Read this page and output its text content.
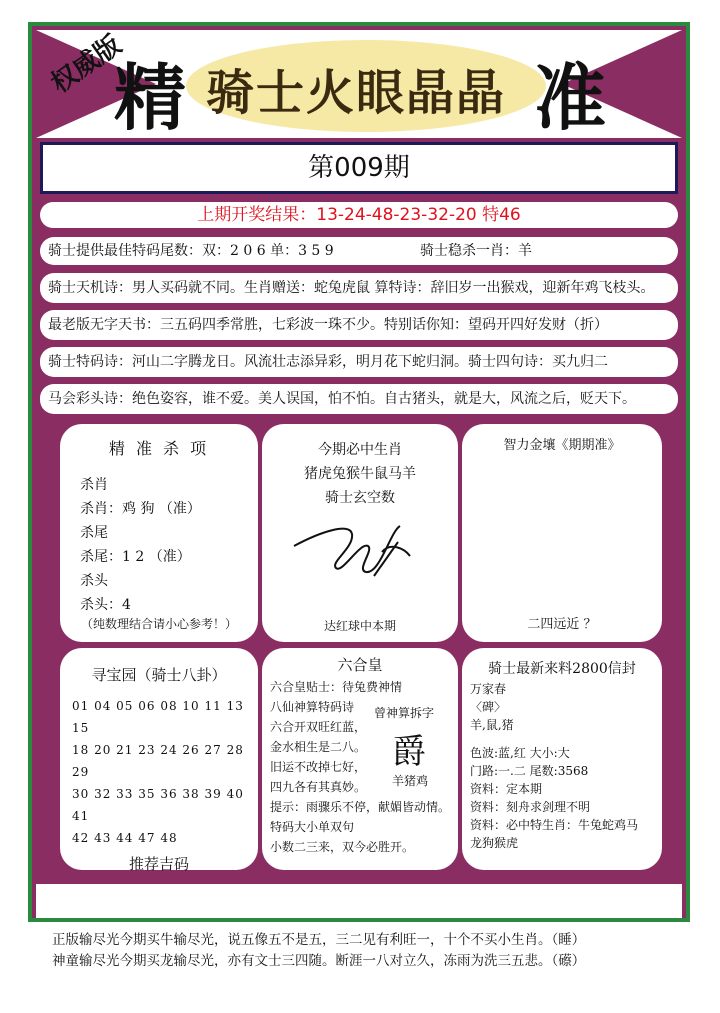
权威版
精 骑士火眼晶晶 准
第009期
上期开奖结果：13-24-48-23-32-20 特46
骑士提供最佳特码尾数：双：2 0 6 单：3 5 9	骑士稳杀一肖：羊
骑士天机诗：男人买码就不同。生肖赠送：蛇兔虎鼠 算特诗：辞旧岁一出猴戏，迎新年鸡飞枝头。
最老版无字天书：三五码四季常胜，七彩波一珠不少。特别话你知：望码开四好发财（折）
骑士特码诗：河山二字腾龙日。风流壮志添异彩，明月花下蛇归洞。骑士四句诗：买九归二
马会彩头诗：绝色姿容，谁不爱。美人误国，怕不怕。自古猪头，就是大，风流之后，贬天下。
精 准 杀 项
杀肖
杀肖：鸡 狗 （准）
杀尾
杀尾：1 2 （准）
杀头
杀头：4
（纯数理结合请小心参考！）
今期必中生肖
猪虎兔猴牛鼠马羊
骑士玄空数
达红球中本期
智力金壤《期期准》
二四远近 ？
寻宝园（骑士八卦）
01 04 05 06 08 10 11 13 15
18 20 21 23 24 26 27 28 29
30 32 33 35 36 38 39 40 41
42 43 44 47 48
推荐吉码
六合皇
六合皇贴士：待兔费神情
八仙神算特码诗
六合开双旺红蓝，
金水相生是二八。
旧运不改掉七好，
四九各有其真妙。
提示：雨骤乐不停，献媚皆动情。
特码大小单双句
小数二三来，双今必胜开。
曾神算拆字
爵
羊猪鸡
骑士最新来料2800信封
万家春
〈碑〉
羊,鼠,猪
色波:蓝,红 大小:大
门路:一.二 尾数:3568
资料：定本期
资料：刻舟求剑理不明
资料：必中特生肖：牛兔蛇鸡马
龙狗猴虎
正版输尽光今期买牛输尽光，说五像五不是五，三二见有利旺一，十个不买小生肖。（睡）
神童输尽光今期买龙输尽光，亦有文士三四随。断涯一八对立久，冻雨为洗三五悲。（礤）
